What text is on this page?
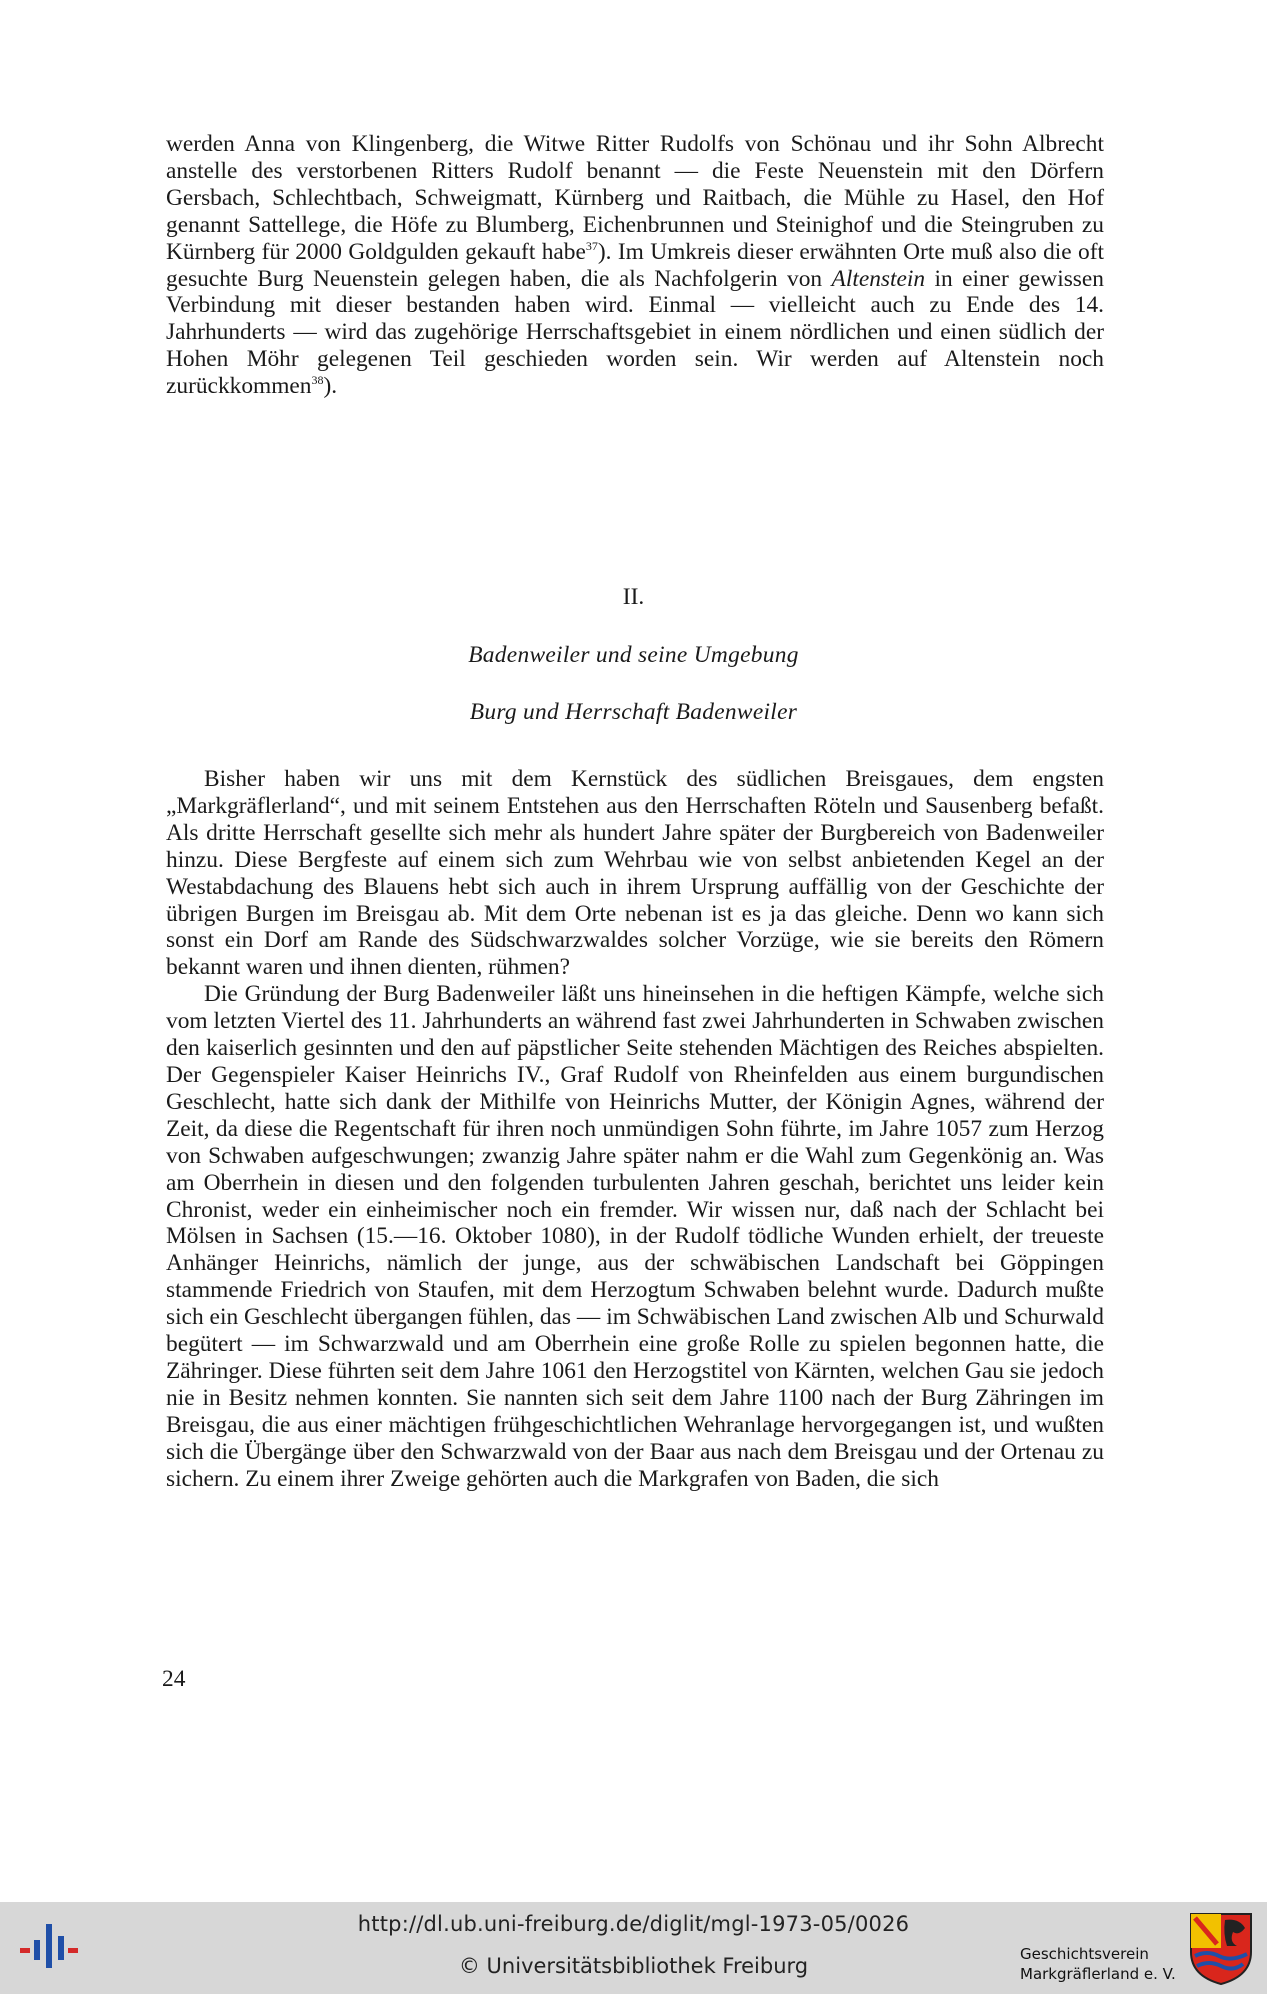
werden Anna von Klingenberg, die Witwe Ritter Rudolfs von Schönau und ihr Sohn Albrecht anstelle des verstorbenen Ritters Rudolf benannt — die Feste Neuenstein mit den Dörfern Gersbach, Schlechtbach, Schweigmatt, Kürnberg und Raitbach, die Mühle zu Hasel, den Hof genannt Sattellege, die Höfe zu Blumberg, Eichenbrunnen und Steinighof und die Steingruben zu Kürnberg für 2000 Goldgulden gekauft habe$^{37}$). Im Umkreis dieser erwähnten Orte muß also die oft gesuchte Burg Neuenstein gelegen haben, die als Nachfolgerin von Altenstein in einer gewissen Verbindung mit dieser bestanden haben wird. Einmal — vielleicht auch zu Ende des 14. Jahrhunderts — wird das zugehörige Herrschaftsgebiet in einem nördlichen und einen südlich der Hohen Möhr gelegenen Teil geschieden worden sein. Wir werden auf Altenstein noch zurückkommen$^{38}$).

II.
Badenweiler und seine Umgebung
Burg und Herrschaft Badenweiler

Bisher haben wir uns mit dem Kernstück des südlichen Breisgaues, dem engsten „Markgräflerland“, und mit seinem Entstehen aus den Herrschaften Röteln und Sausenberg befaßt. Als dritte Herrschaft gesellte sich mehr als hundert Jahre später der Burgbereich von Badenweiler hinzu. Diese Bergfeste auf einem sich zum Wehrbau wie von selbst anbietenden Kegel an der Westabdachung des Blauens hebt sich auch in ihrem Ursprung auffällig von der Geschichte der übrigen Burgen im Breisgau ab. Mit dem Orte nebenan ist es ja das gleiche. Denn wo kann sich sonst ein Dorf am Rande des Südschwarzwaldes solcher Vorzüge, wie sie bereits den Römern bekannt waren und ihnen dienten, rühmen?

Die Gründung der Burg Badenweiler läßt uns hineinsehen in die heftigen Kämpfe, welche sich vom letzten Viertel des 11. Jahrhunderts an während fast zwei Jahrhunderten in Schwaben zwischen den kaiserlich gesinnten und den auf päpstlicher Seite stehenden Mächtigen des Reiches abspielten. Der Gegenspieler Kaiser Heinrichs IV., Graf Rudolf von Rheinfelden aus einem burgundischen Geschlecht, hatte sich dank der Mithilfe von Heinrichs Mutter, der Königin Agnes, während der Zeit, da diese die Regentschaft für ihren noch unmündigen Sohn führte, im Jahre 1057 zum Herzog von Schwaben aufgeschwungen; zwanzig Jahre später nahm er die Wahl zum Gegenkönig an. Was am Oberrhein in diesen und den folgenden turbulenten Jahren geschah, berichtet uns leider kein Chronist, weder ein einheimischer noch ein fremder. Wir wissen nur, daß nach der Schlacht bei Mölsen in Sachsen (15.—16. Oktober 1080), in der Rudolf tödliche Wunden erhielt, der treueste Anhänger Heinrichs, nämlich der junge, aus der schwäbischen Landschaft bei Göppingen stammende Friedrich von Staufen, mit dem Herzogtum Schwaben belehnt wurde. Dadurch mußte sich ein Geschlecht übergangen fühlen, das — im Schwäbischen Land zwischen Alb und Schurwald begütert — im Schwarzwald und am Oberrhein eine große Rolle zu spielen begonnen hatte, die Zähringer. Diese führten seit dem Jahre 1061 den Herzogstitel von Kärnten, welchen Gau sie jedoch nie in Besitz nehmen konnten. Sie nannten sich seit dem Jahre 1100 nach der Burg Zähringen im Breisgau, die aus einer mächtigen frühgeschichtlichen Wehranlage hervorgegangen ist, und wußten sich die Übergänge über den Schwarzwald von der Baar aus nach dem Breisgau und der Ortenau zu sichern. Zu einem ihrer Zweige gehörten auch die Markgrafen von Baden, die sich

24
http://dl.ub.uni-freiburg.de/diglit/mgl-1973-05/0026
© Universitätsbibliothek Freiburg	Geschichtsverein
Markgräflerland e. V.
